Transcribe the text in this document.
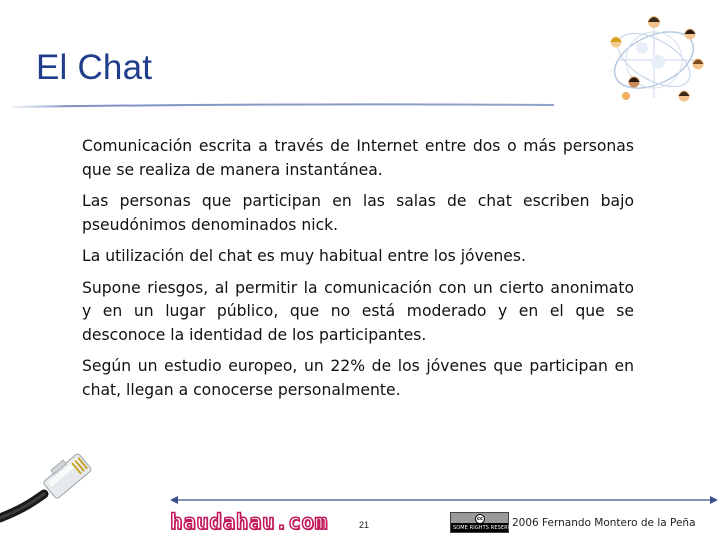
El Chat

Comunicación escrita a través de Internet entre dos o más personas que se realiza de manera instantánea.

Las personas que participan en las salas de chat escriben bajo pseudónimos denominados nick.

La utilización del chat es muy habitual entre los jóvenes.

Supone riesgos, al permitir la comunicación con un cierto anonimato y en un lugar público, que no está moderado y en el que se desconoce la identidad de los participantes.

Según un estudio europeo, un 22% de los jóvenes que participan en chat, llegan a conocerse personalmente.

haudahau.com	21
cc
SOME RIGHTS RESERVED
2006 Fernando Montero de la Peña
